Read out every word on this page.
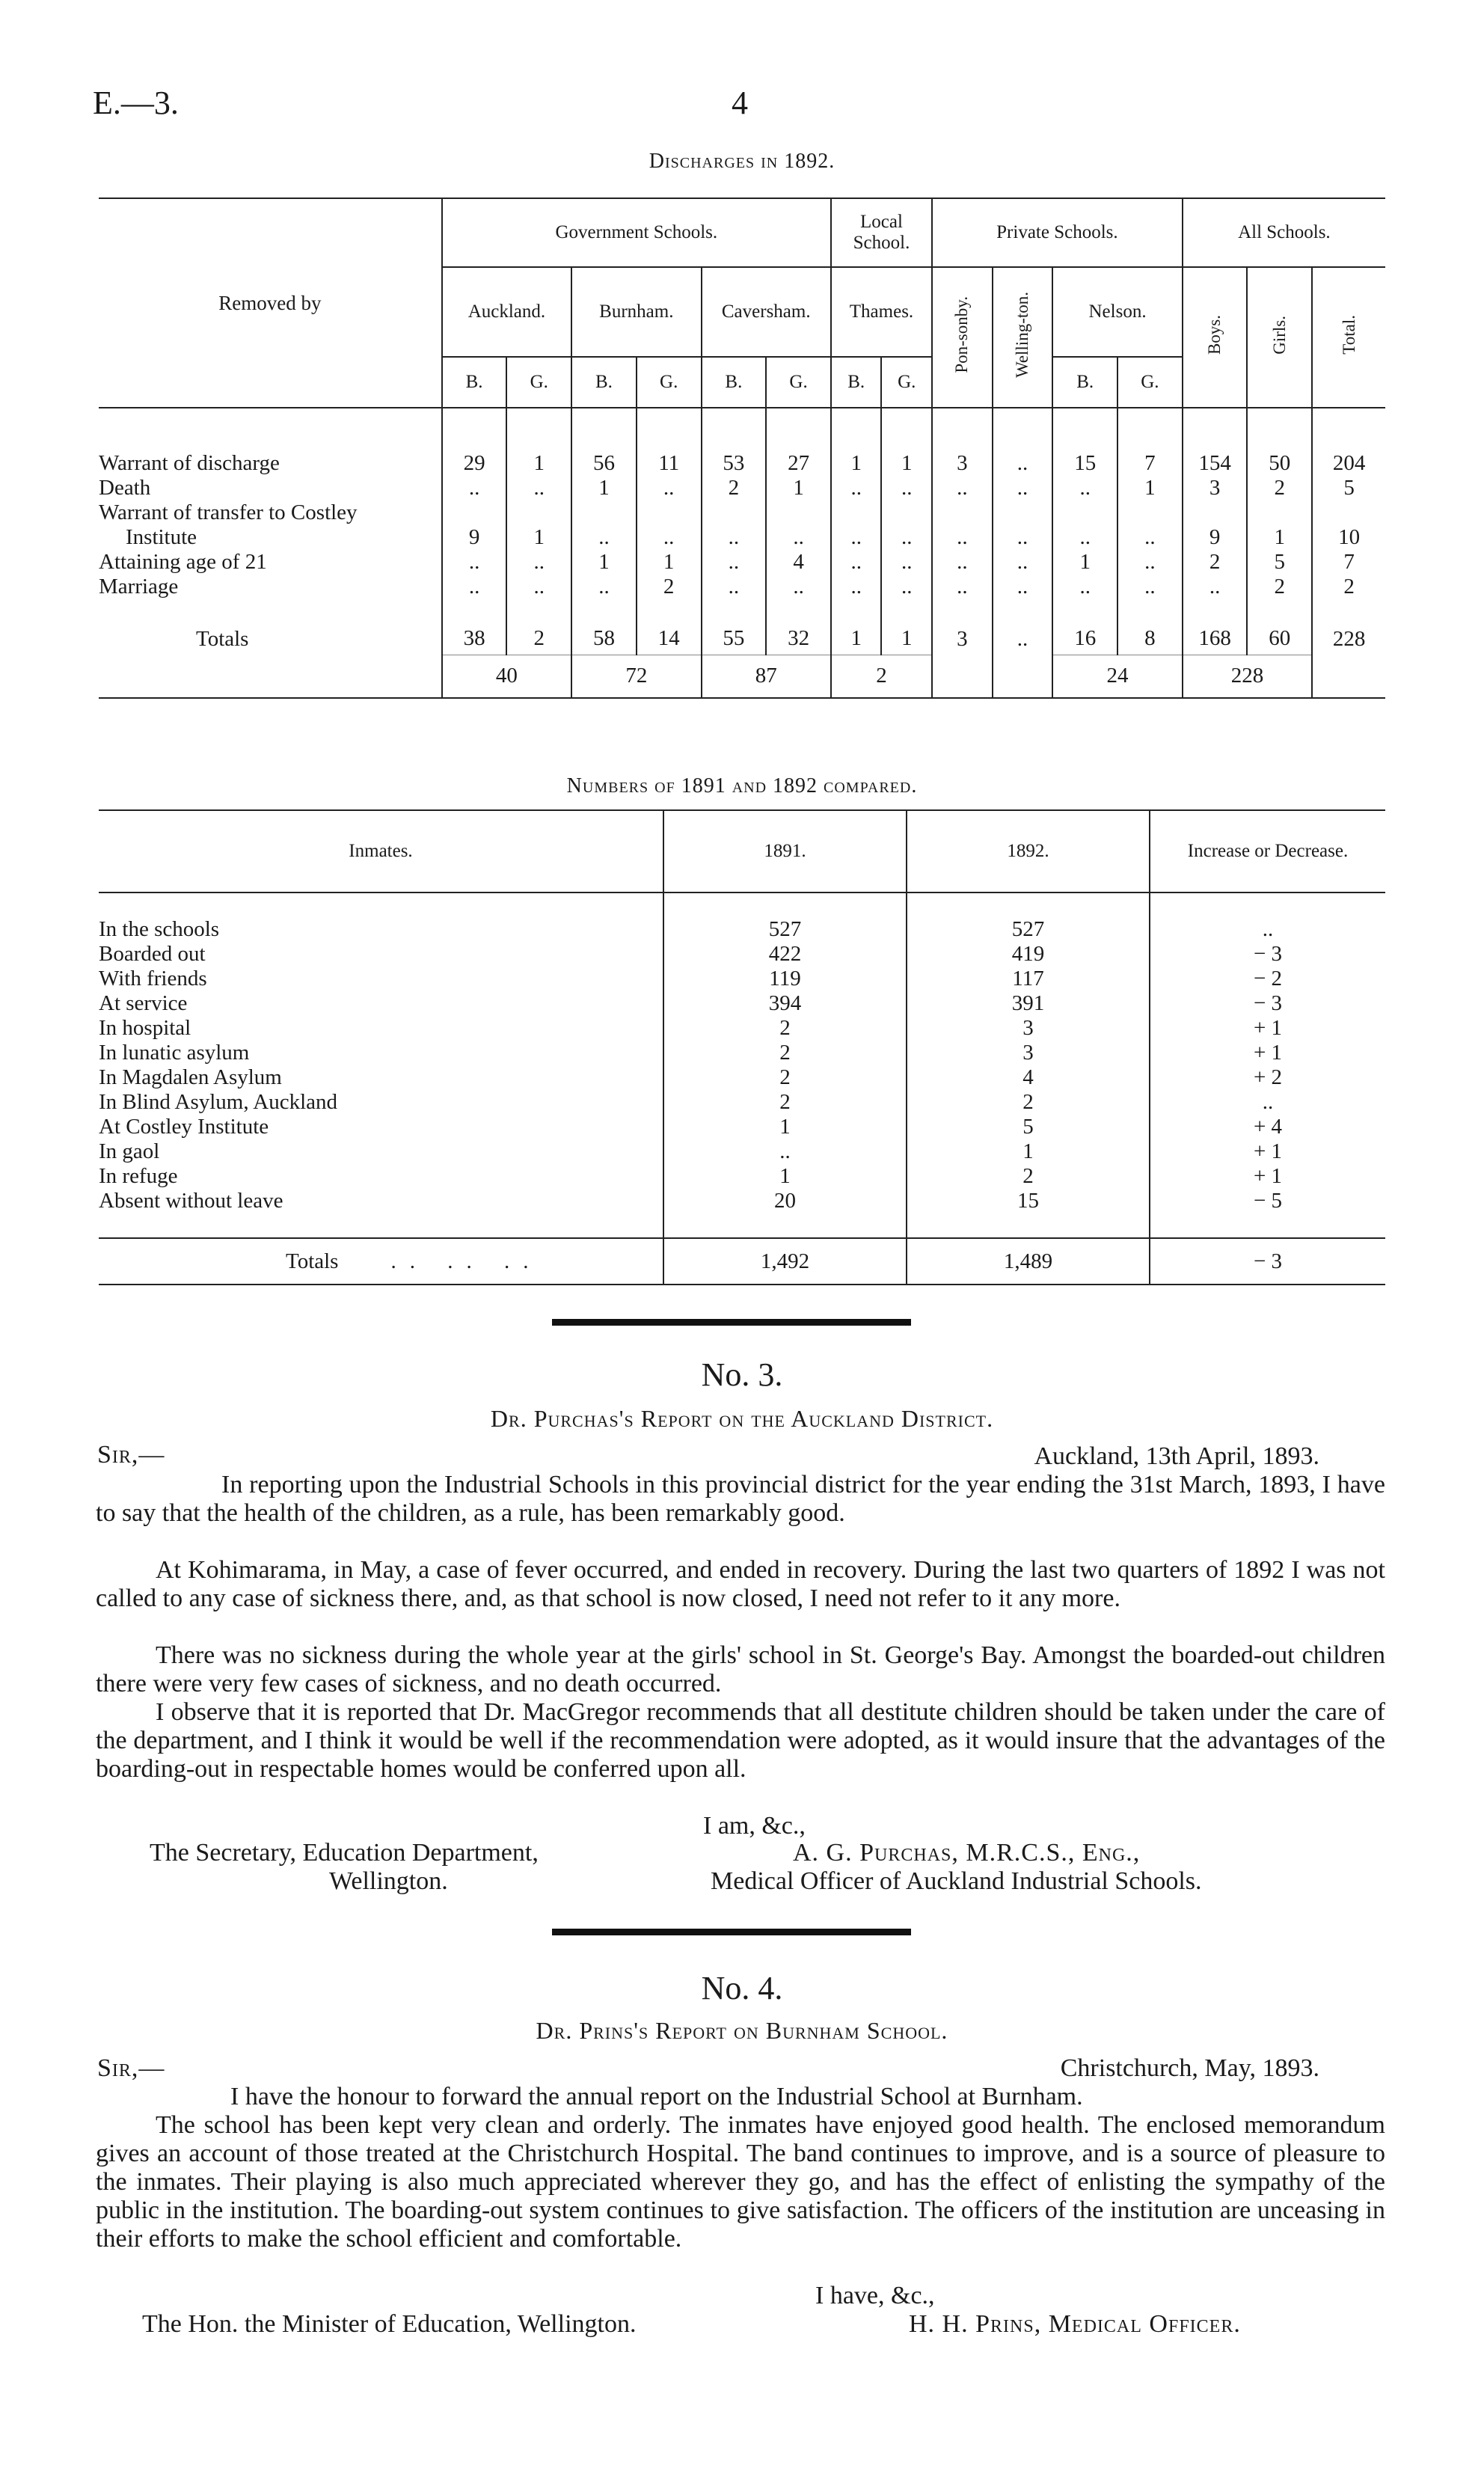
E.—3.	4
Discharges in 1892.
Removed by	Government Schools.						Local School.		Private Schools.				All Schools.		
	Auckland.		Burnham.		Caversham.		Thames.		Pon-sonby.	Welling-ton.	Nelson.		Boys.	Girls.	Total.
	B.	G.	B.	G.	B.	G.	B.	G.			B.	G.			

Warrant of discharge	29	1	56	11	53	27	1	1	3	..	15	7	154	50	204
Death	..	..	1	..	2	1	..	..	..	..	..	1	3	2	5
Warrant of transfer to Costley															
Institute	9	1	..	..	..	..	..	..	..	..	..	..	9	1	10
Attaining age of 21	..	..	1	1	..	4	..	..	..	..	1	..	2	5	7
Marriage	..	..	..	2	..	..	..	..	..	..	..	..	..	2	2

Totals	38	2	58	14	55	32	1	1	3	..	16	8	168	60	228
	40		72		87		2				24		228		
Numbers of 1891 and 1892 compared.
Inmates.	1891.	1892.	Increase or Decrease.

In the schools	527	527	..
Boarded out	422	419	− 3
With friends	119	117	− 2
At service	394	391	− 3
In hospital	2	3	+ 1
In lunatic asylum	2	3	+ 1
In Magdalen Asylum	2	4	+ 2
In Blind Asylum, Auckland	2	2	..
At Costley Institute	1	5	+ 4
In gaol	..	1	+ 1
In refuge	1	2	+ 1
Absent without leave	20	15	− 5

Totals .. .. ..	1,492	1,489	− 3
No. 3.
Dr. Purchas's Report on the Auckland District.
Sir,—	Auckland, 13th April, 1893.

In reporting upon the Industrial Schools in this provincial district for the year ending the 31st March, 1893, I have to say that the health of the children, as a rule, has been remarkably good.

At Kohimarama, in May, a case of fever occurred, and ended in recovery. During the last two quarters of 1892 I was not called to any case of sickness there, and, as that school is now closed, I need not refer to it any more.

There was no sickness during the whole year at the girls' school in St. George's Bay. Amongst the boarded-out children there were very few cases of sickness, and no death occurred.

I observe that it is reported that Dr. MacGregor recommends that all destitute children should be taken under the care of the department, and I think it would be well if the recommendation were adopted, as it would insure that the advantages of the boarding-out in respectable homes would be conferred upon all.

I am, &c.,
The Secretary, Education Department,
Wellington.
A. G. Purchas, M.R.C.S., Eng.,
Medical Officer of Auckland Industrial Schools.
No. 4.
Dr. Prins's Report on Burnham School.
Sir,—	Christchurch, May, 1893.

I have the honour to forward the annual report on the Industrial School at Burnham.

The school has been kept very clean and orderly. The inmates have enjoyed good health. The enclosed memorandum gives an account of those treated at the Christchurch Hospital. The band continues to improve, and is a source of pleasure to the inmates. Their playing is also much appreciated wherever they go, and has the effect of enlisting the sympathy of the public in the institution. The boarding-out system continues to give satisfaction. The officers of the institution are unceasing in their efforts to make the school efficient and comfortable.

I have, &c.,
The Hon. the Minister of Education, Wellington.	H. H. Prins, Medical Officer.
